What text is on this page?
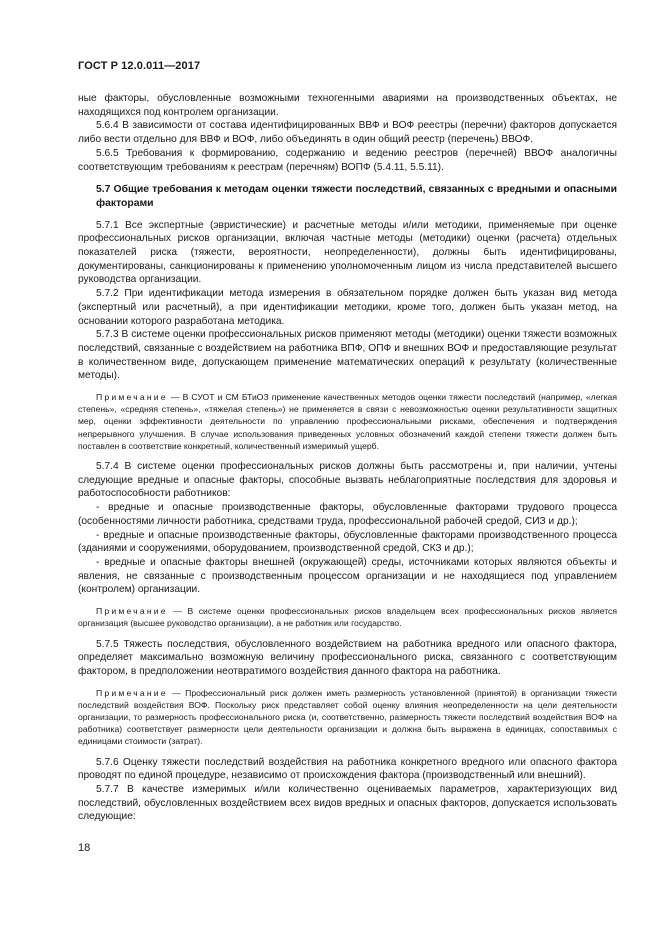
ГОСТ Р 12.0.011—2017

ные факторы, обусловленные возможными техногенными авариями на производственных объектах, не находящихся под контролем организации.

5.6.4 В зависимости от состава идентифицированных ВВФ и ВОФ реестры (перечни) факторов допускается либо вести отдельно для ВВФ и ВОФ, либо объединять в один общий реестр (перечень) ВВОФ.

5.6.5 Требования к формированию, содержанию и ведению реестров (перечней) ВВОФ аналогичны соответствующим требованиям к реестрам (перечням) ВОПФ (5.4.11, 5.5.11).

5.7 Общие требования к методам оценки тяжести последствий, связанных с вредными и опасными факторами

5.7.1 Все экспертные (эвристические) и расчетные методы и/или методики, применяемые при оценке профессиональных рисков организации, включая частные методы (методики) оценки (расчета) отдельных показателей риска (тяжести, вероятности, неопределенности), должны быть идентифицированы, документированы, санкционированы к применению уполномоченным лицом из числа представителей высшего руководства организации.

5.7.2 При идентификации метода измерения в обязательном порядке должен быть указан вид метода (экспертный или расчетный), а при идентификации методики, кроме того, должен быть указан метод, на основании которого разработана методика.

5.7.3 В системе оценки профессиональных рисков применяют методы (методики) оценки тяжести возможных последствий, связанные с воздействием на работника ВПФ, ОПФ и внешних ВОФ и предоставляющие результат в количественном виде, допускающем применение математических операций к результату (количественные методы).

Примечание — В СУОТ и СМ БТиОЗ применение качественных методов оценки тяжести последствий (например, «легкая степень», «средняя степень», «тяжелая степень») не применяется в связи с невозможностью оценки результативности защитных мер, оценки эффективности деятельности по управлению профессиональными рисками, обеспечения и подтверждения непрерывного улучшения. В случае использования приведенных условных обозначений каждой степени тяжести должен быть поставлен в соответствие конкретный, количественный измеримый ущерб.

5.7.4 В системе оценки профессиональных рисков должны быть рассмотрены и, при наличии, учтены следующие вредные и опасные факторы, способные вызвать неблагоприятные последствия для здоровья и работоспособности работников:

- вредные и опасные производственные факторы, обусловленные факторами трудового процесса (особенностями личности работника, средствами труда, профессиональной рабочей средой, СИЗ и др.);

- вредные и опасные производственные факторы, обусловленные факторами производственного процесса (зданиями и сооружениями, оборудованием, производственной средой, СКЗ и др.);

- вредные и опасные факторы внешней (окружающей) среды, источниками которых являются объекты и явления, не связанные с производственным процессом организации и не находящиеся под управлением (контролем) организации.

Примечание — В системе оценки профессиональных рисков владельцем всех профессиональных рисков является организация (высшее руководство организации), а не работник или государство.

5.7.5 Тяжесть последствия, обусловленного воздействием на работника вредного или опасного фактора, определяет максимально возможную величину профессионального риска, связанного с соответствующим фактором, в предположении неотвратимого воздействия данного фактора на работника.

Примечание — Профессиональный риск должен иметь размерность установленной (принятой) в организации тяжести последствий воздействия ВОФ. Поскольку риск представляет собой оценку влияния неопределенности на цели деятельности организации, то размерность профессионального риска (и, соответственно, размерность тяжести последствий воздействия ВОФ на работника) соответствует размерности цели деятельности организации и должна быть выражена в единицах, сопоставимых с единицами стоимости (затрат).

5.7.6 Оценку тяжести последствий воздействия на работника конкретного вредного или опасного фактора проводят по единой процедуре, независимо от происхождения фактора (производственный или внешний).

5.7.7 В качестве измеримых и/или количественно оцениваемых параметров, характеризующих вид последствий, обусловленных воздействием всех видов вредных и опасных факторов, допускается использовать следующие:

18
